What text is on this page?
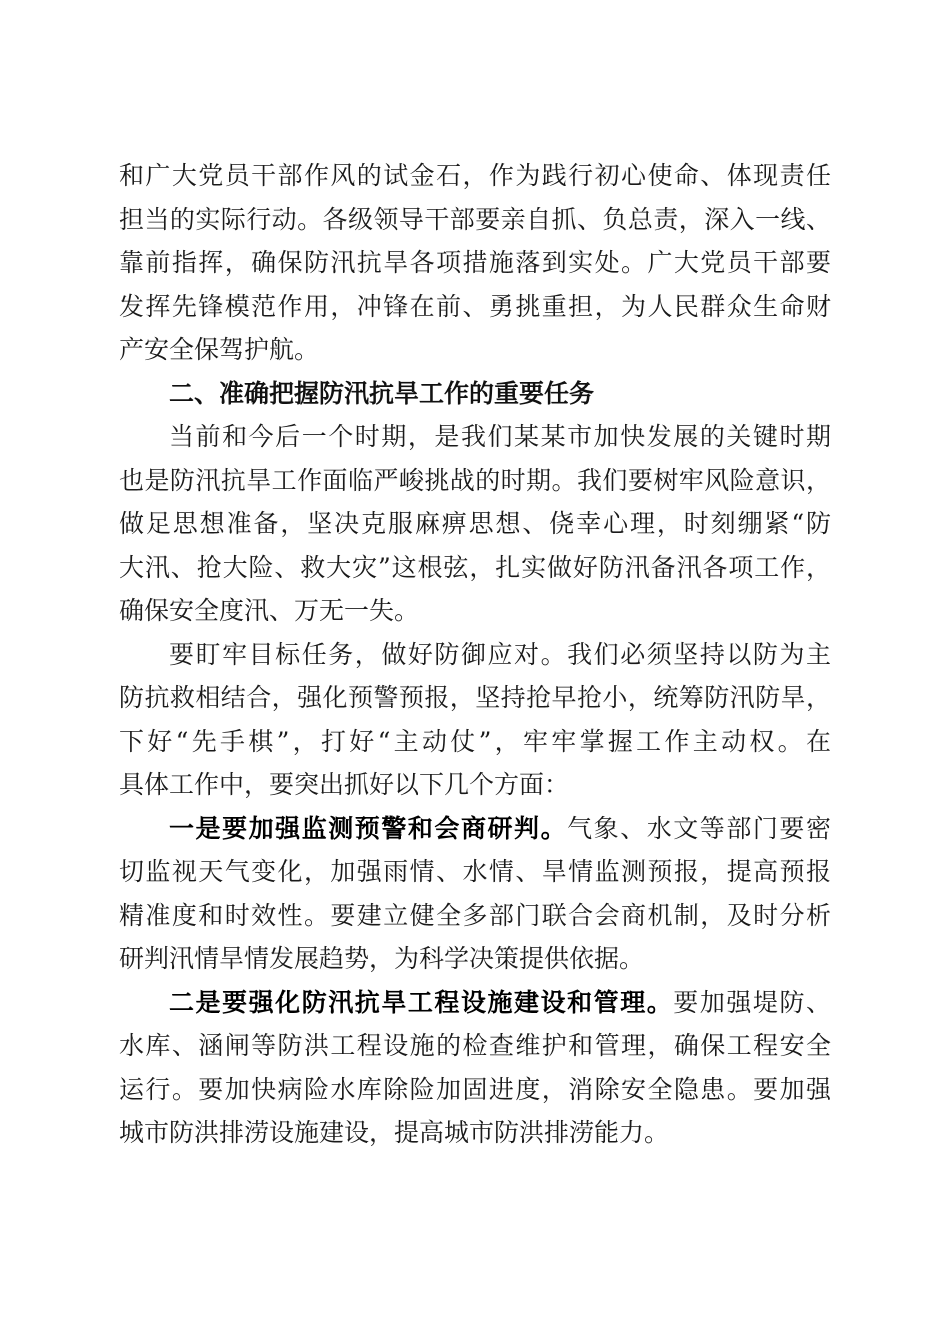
和广大党员干部作风的试金石，作为践行初心使命、体现责任
担当的实际行动。各级领导干部要亲自抓、负总责，深入一线、
靠前指挥，确保防汛抗旱各项措施落到实处。广大党员干部要
发挥先锋模范作用，冲锋在前、勇挑重担，为人民群众生命财
产安全保驾护航。
二、准确把握防汛抗旱工作的重要任务
当前和今后一个时期，是我们某某市加快发展的关键时期
也是防汛抗旱工作面临严峻挑战的时期。我们要树牢风险意识，
做足思想准备，坚决克服麻痹思想、侥幸心理，时刻绷紧“防
大汛、抢大险、救大灾”这根弦，扎实做好防汛备汛各项工作，
确保安全度汛、万无一失。
要盯牢目标任务，做好防御应对。我们必须坚持以防为主
防抗救相结合，强化预警预报，坚持抢早抢小，统筹防汛防旱，
下好“先手棋”，打好“主动仗”，牢牢掌握工作主动权。在
具体工作中，要突出抓好以下几个方面：
一是要加强监测预警和会商研判。气象、水文等部门要密
切监视天气变化，加强雨情、水情、旱情监测预报，提高预报
精准度和时效性。要建立健全多部门联合会商机制，及时分析
研判汛情旱情发展趋势，为科学决策提供依据。
二是要强化防汛抗旱工程设施建设和管理。要加强堤防、
水库、涵闸等防洪工程设施的检查维护和管理，确保工程安全
运行。要加快病险水库除险加固进度，消除安全隐患。要加强
城市防洪排涝设施建设，提高城市防洪排涝能力。
